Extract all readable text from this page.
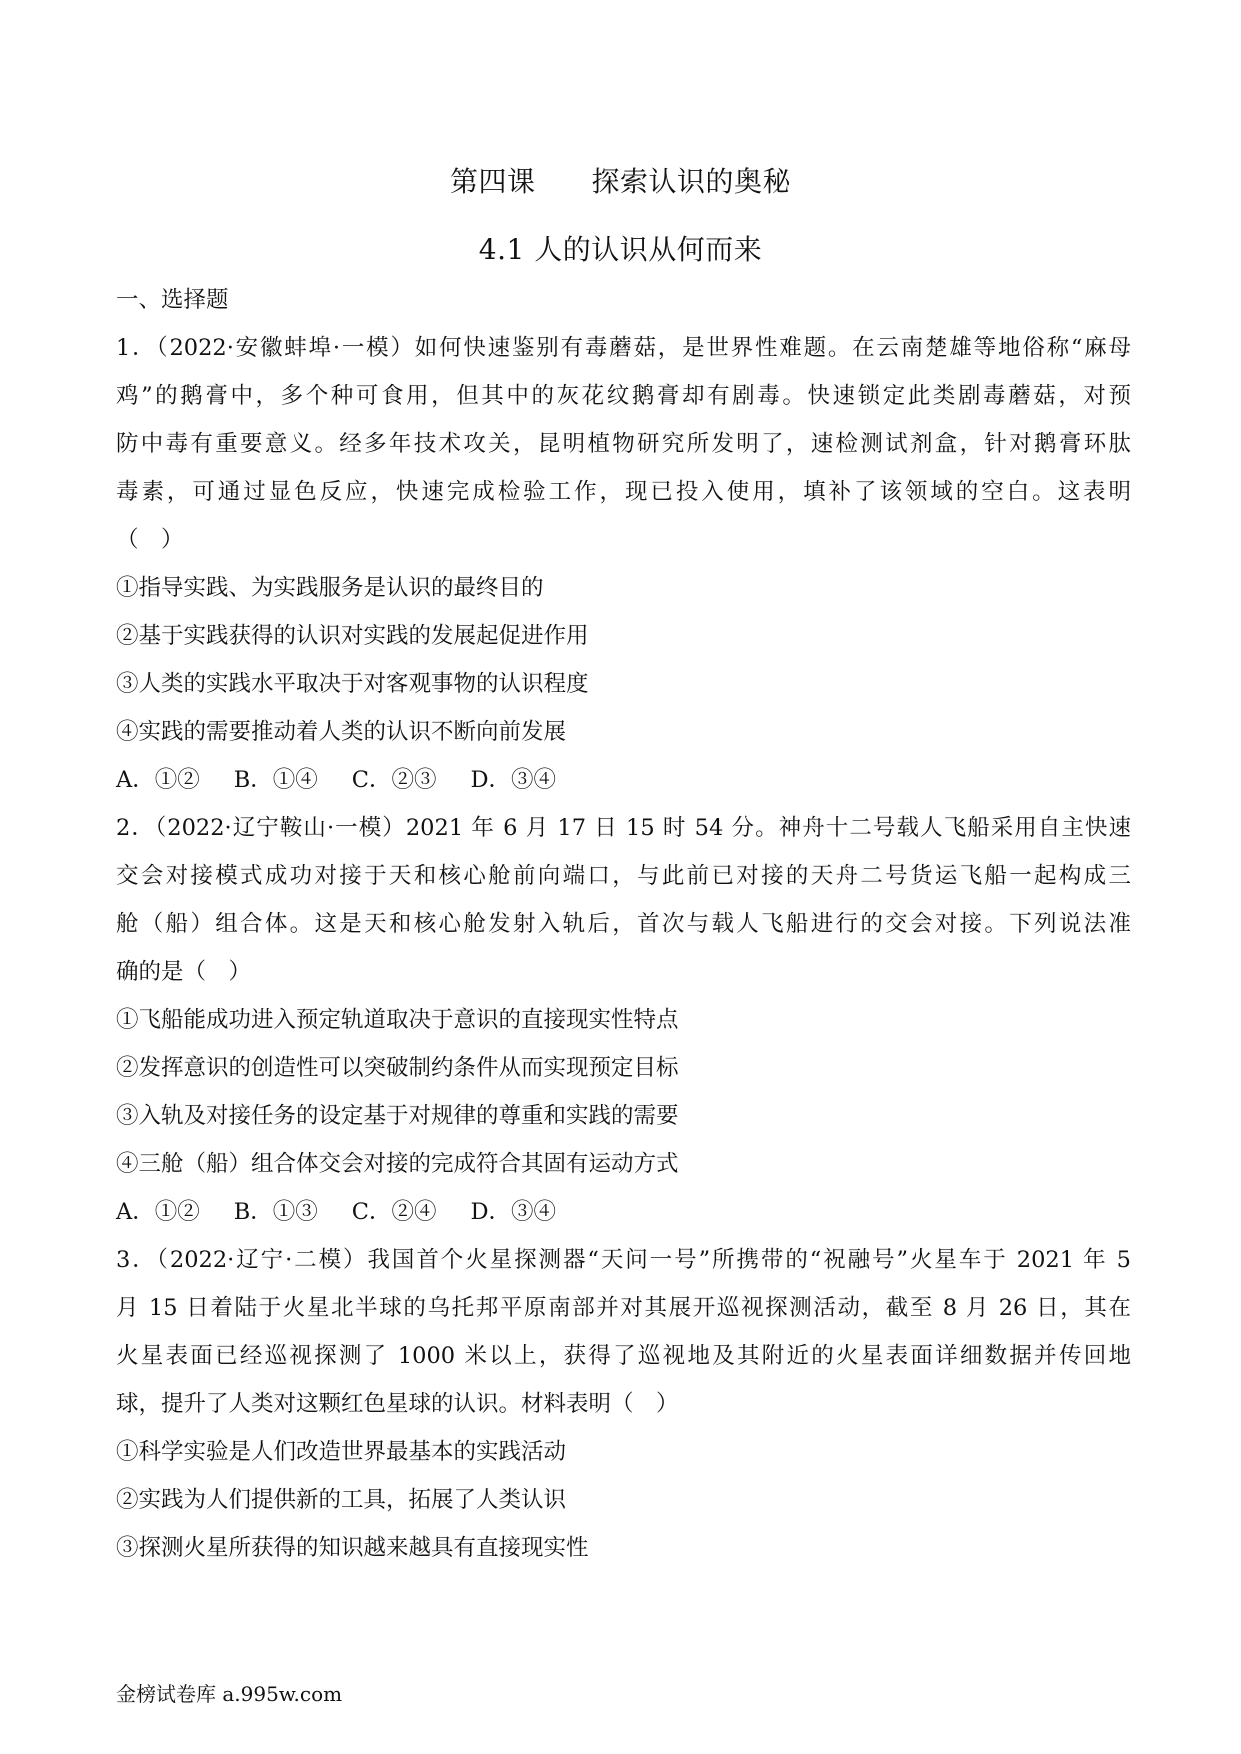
第四课 探索认识的奥秘
4.1 人的认识从何而来
一、选择题
1．（2022·安徽蚌埠·一模）如何快速鉴别有毒蘑菇，是世界性难题。在云南楚雄等地俗称“麻母
鸡”的鹅膏中，多个种可食用，但其中的灰花纹鹅膏却有剧毒。快速锁定此类剧毒蘑菇，对预
防中毒有重要意义。经多年技术攻关，昆明植物研究所发明了，速检测试剂盒，针对鹅膏环肽
毒素，可通过显色反应，快速完成检验工作，现已投入使用，填补了该领域的空白。这表明
（　）
①指导实践、为实践服务是认识的最终目的
②基于实践获得的认识对实践的发展起促进作用
③人类的实践水平取决于对客观事物的认识程度
④实践的需要推动着人类的认识不断向前发展
A．①② B．①④ C．②③ D．③④
2．（2022·辽宁鞍山·一模）2021 年 6 月 17 日 15 时 54 分。神舟十二号载人飞船采用自主快速
交会对接模式成功对接于天和核心舱前向端口，与此前已对接的天舟二号货运飞船一起构成三
舱（船）组合体。这是天和核心舱发射入轨后，首次与载人飞船进行的交会对接。下列说法准
确的是（　）
①飞船能成功进入预定轨道取决于意识的直接现实性特点
②发挥意识的创造性可以突破制约条件从而实现预定目标
③入轨及对接任务的设定基于对规律的尊重和实践的需要
④三舱（船）组合体交会对接的完成符合其固有运动方式
A．①② B．①③ C．②④ D．③④
3．（2022·辽宁·二模）我国首个火星探测器“天问一号”所携带的“祝融号”火星车于 2021 年 5
月 15 日着陆于火星北半球的乌托邦平原南部并对其展开巡视探测活动，截至 8 月 26 日，其在
火星表面已经巡视探测了 1000 米以上，获得了巡视地及其附近的火星表面详细数据并传回地
球，提升了人类对这颗红色星球的认识。材料表明（　）
①科学实验是人们改造世界最基本的实践活动
②实践为人们提供新的工具，拓展了人类认识
③探测火星所获得的知识越来越具有直接现实性
金榜试卷库 a.995w.com
